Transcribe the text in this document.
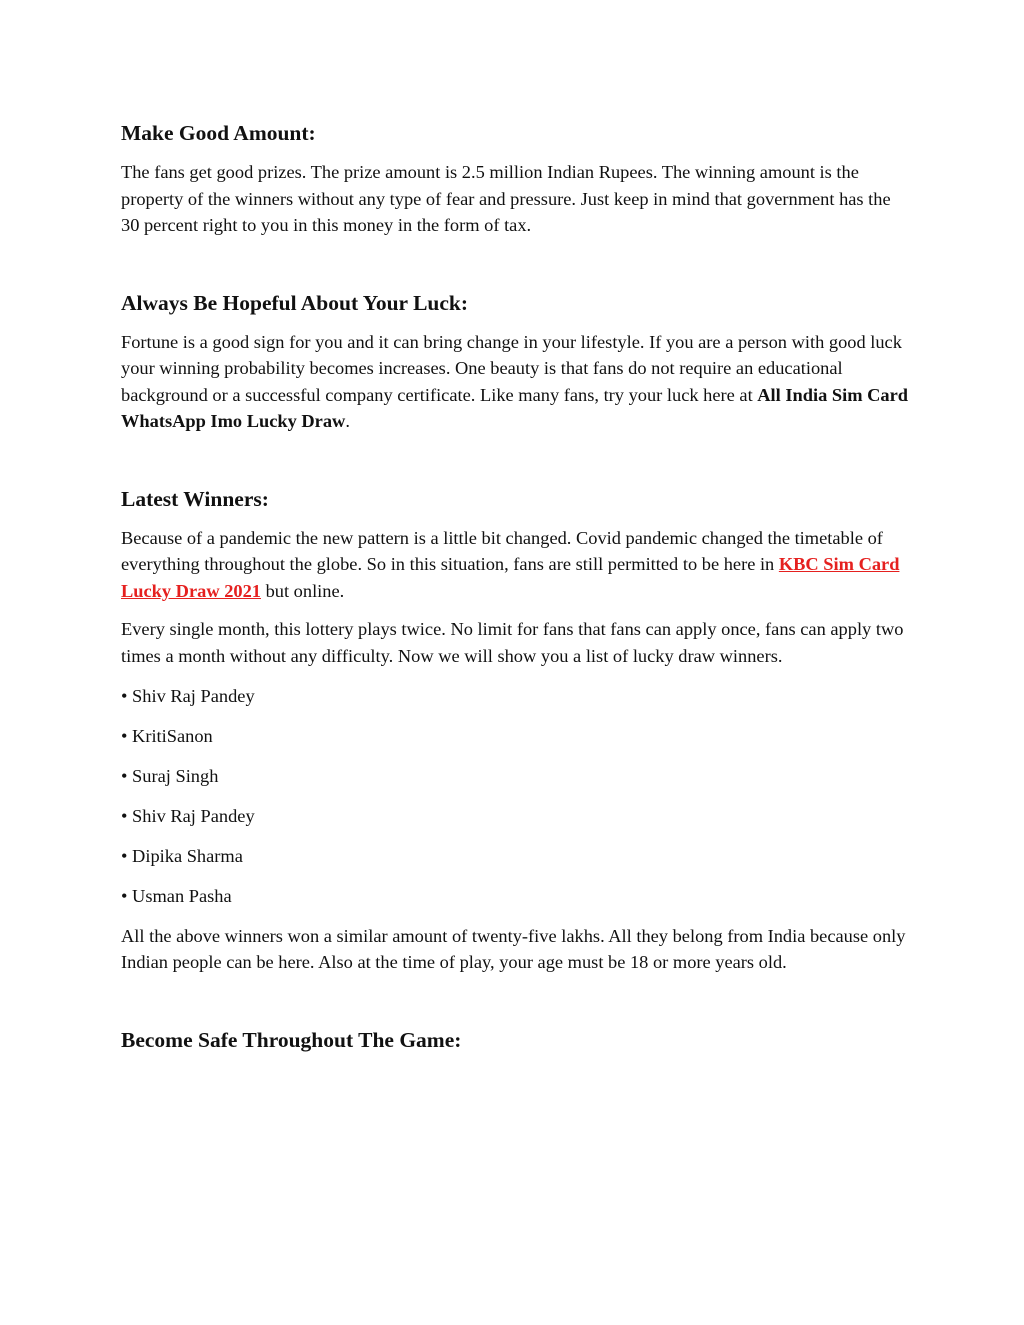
Make Good Amount:

The fans get good prizes. The prize amount is 2.5 million Indian Rupees. The winning amount is the property of the winners without any type of fear and pressure. Just keep in mind that government has the 30 percent right to you in this money in the form of tax.

Always Be Hopeful About Your Luck:

Fortune is a good sign for you and it can bring change in your lifestyle. If you are a person with good luck your winning probability becomes increases. One beauty is that fans do not require an educational background or a successful company certificate. Like many fans, try your luck here at All India Sim Card WhatsApp Imo Lucky Draw.

Latest Winners:

Because of a pandemic the new pattern is a little bit changed. Covid pandemic changed the timetable of everything throughout the globe. So in this situation, fans are still permitted to be here in KBC Sim Card Lucky Draw 2021 but online.

Every single month, this lottery plays twice. No limit for fans that fans can apply once, fans can apply two times a month without any difficulty. Now we will show you a list of lucky draw winners.

• Shiv Raj Pandey
• KritiSanon
• Suraj Singh
• Shiv Raj Pandey
• Dipika Sharma
• Usman Pasha

All the above winners won a similar amount of twenty-five lakhs. All they belong from India because only Indian people can be here. Also at the time of play, your age must be 18 or more years old.

Become Safe Throughout The Game:
